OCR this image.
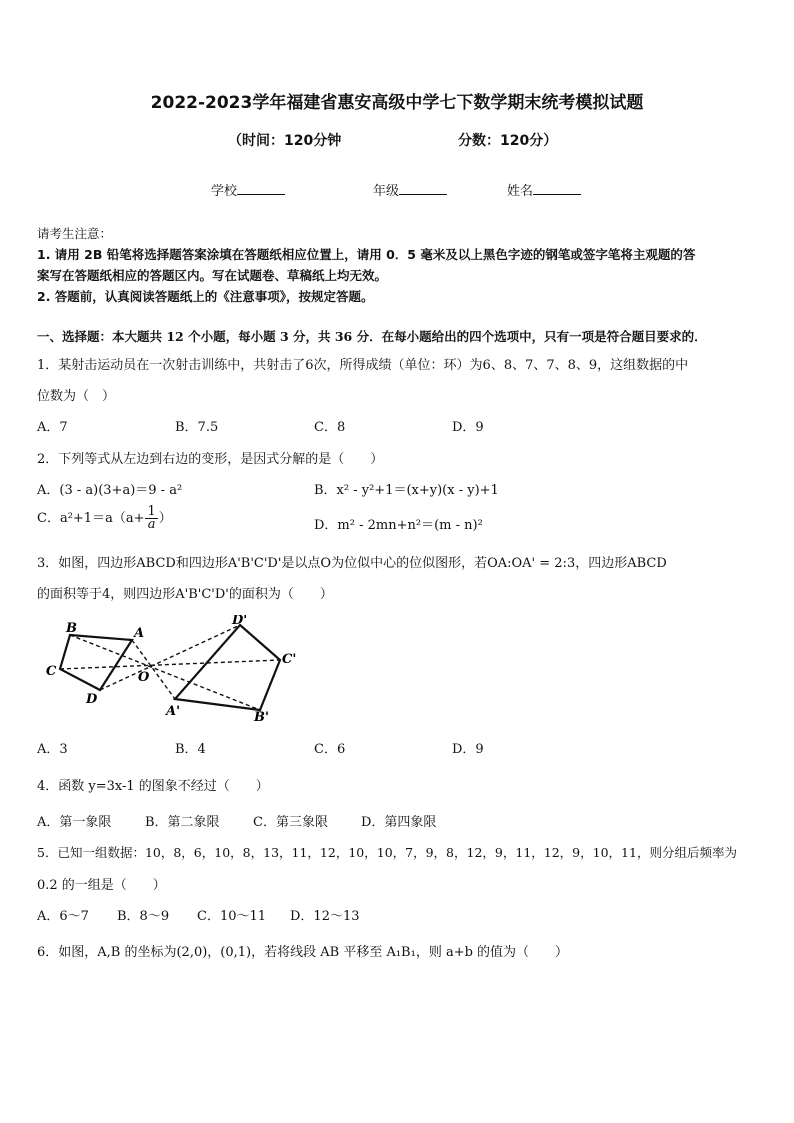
2022-2023学年福建省惠安高级中学七下数学期末统考模拟试题
（时间：120分钟	分数：120分）
学校	年级	姓名
请考生注意：
1. 请用 2B 铅笔将选择题答案涂填在答题纸相应位置上，请用 0．5 毫米及以上黑色字迹的钢笔或签字笔将主观题的答
案写在答题纸相应的答题区内。写在试题卷、草稿纸上均无效。
2. 答题前，认真阅读答题纸上的《注意事项》，按规定答题。
一、选择题：本大题共 12 个小题，每小题 3 分，共 36 分．在每小题给出的四个选项中，只有一项是符合题目要求的．
1．某射击运动员在一次射击训练中，共射击了6次，所得成绩（单位：环）为6、8、7、7、8、9，这组数据的中
位数为（　）
A．7	B．7.5	C．8	D．9
2．下列等式从左边到右边的变形，是因式分解的是（　　）
A．(3 - a)(3+a)＝9 - a²	B．x² - y²+1＝(x+y)(x - y)+1
C．$a^2+1=a(a+ \frac{1}{a}$ ）	D．m² - 2mn+n²＝(m - n)²
3．如图，四边形ABCD和四边形A'B'C'D'是以点O为位似中心的位似图形，若OA:OA' = 2:3，四边形ABCD
的面积等于4，则四边形A'B'C'D'的面积为（　　）
B	A
C
D
O
D'
C'
A'	B'
A．3	B．4	C．6	D．9
4．函数 y=3x-1 的图象不经过（　　）
A．第一象限	B．第二象限	C．第三象限	D．第四象限
5．已知一组数据：10，8，6，10，8，13，11，12，10，10，7，9，8，12，9，11，12，9，10，11，则分组后频率为
0.2 的一组是（　　）
A．6～7 B．8～9 C．10～11 D．12～13
6．如图，A,B 的坐标为(2,0)，(0,1)，若将线段 AB 平移至 A₁B₁，则 a+b 的值为（　　）
